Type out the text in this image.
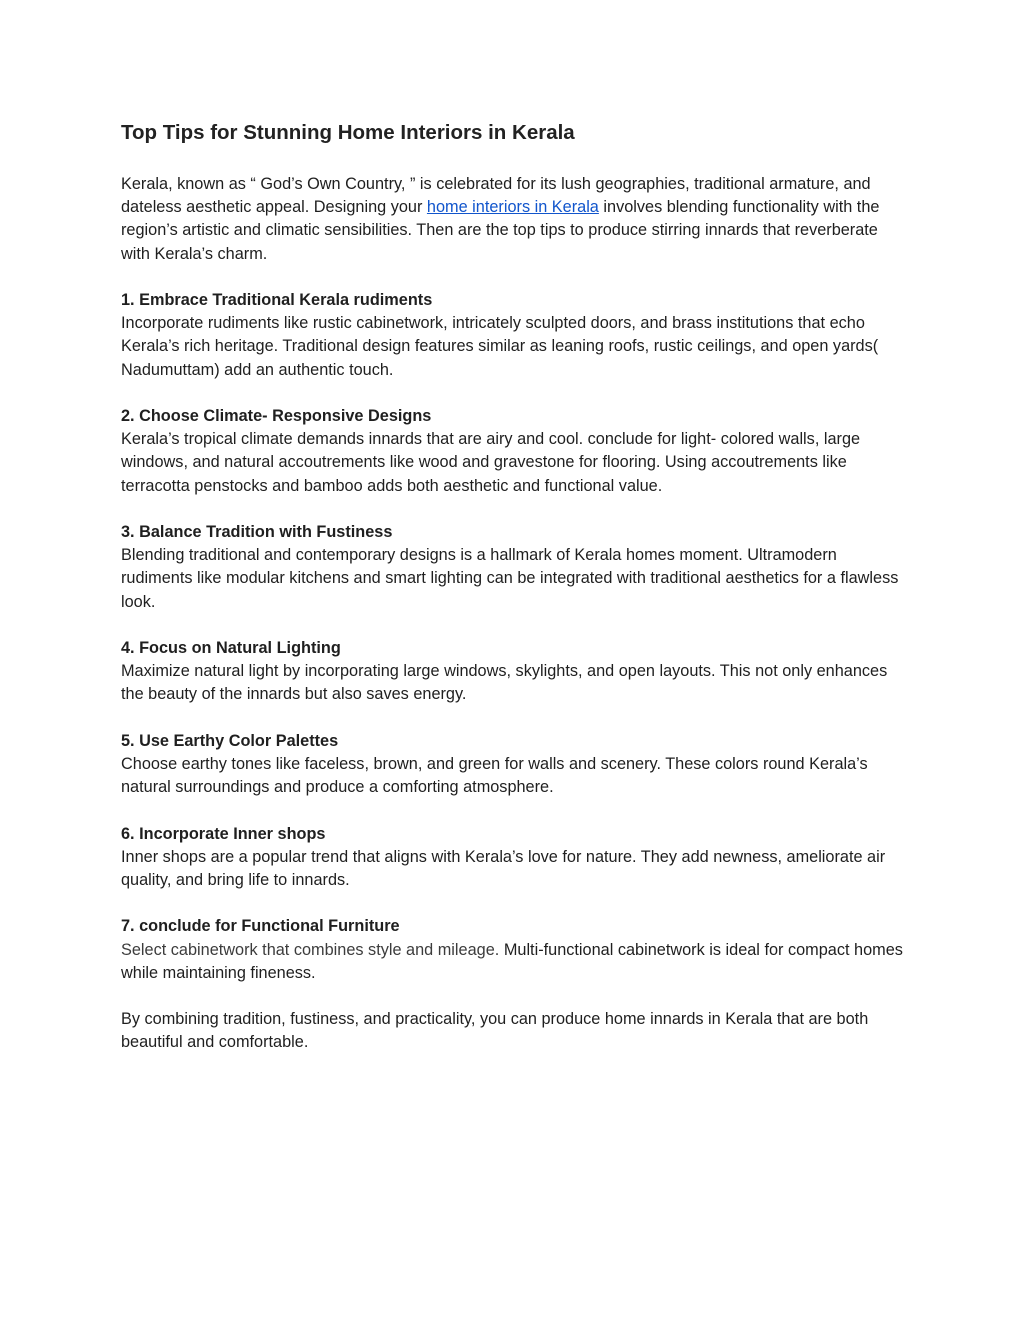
Top Tips for Stunning Home Interiors in Kerala

Kerala, known as “ God’s Own Country, ” is celebrated for its lush geographies, traditional armature, and dateless aesthetic appeal. Designing your home interiors in Kerala involves blending functionality with the region’s artistic and climatic sensibilities. Then are the top tips to produce stirring innards that reverberate with Kerala’s charm.

1. Embrace Traditional Kerala rudiments
Incorporate rudiments like rustic cabinetwork, intricately sculpted doors, and brass institutions that echo Kerala’s rich heritage. Traditional design features similar as leaning roofs, rustic ceilings, and open yards( Nadumuttam) add an authentic touch.
2. Choose Climate- Responsive Designs
Kerala’s tropical climate demands innards that are airy and cool. conclude for light- colored walls, large windows, and natural accoutrements like wood and gravestone for flooring. Using accoutrements like terracotta penstocks and bamboo adds both aesthetic and functional value.
3. Balance Tradition with Fustiness
Blending traditional and contemporary designs is a hallmark of Kerala homes moment. Ultramodern rudiments like modular kitchens and smart lighting can be integrated with traditional aesthetics for a flawless look.
4. Focus on Natural Lighting
Maximize natural light by incorporating large windows, skylights, and open layouts. This not only enhances the beauty of the innards but also saves energy.
5. Use Earthy Color Palettes
Choose earthy tones like faceless, brown, and green for walls and scenery. These colors round Kerala’s natural surroundings and produce a comforting atmosphere.
6. Incorporate Inner shops
Inner shops are a popular trend that aligns with Kerala’s love for nature. They add newness, ameliorate air quality, and bring life to innards.
7. conclude for Functional Furniture
Select cabinetwork that combines style and mileage. Multi-functional cabinetwork is ideal for compact homes while maintaining fineness.

By combining tradition, fustiness, and practicality, you can produce home innards in Kerala that are both beautiful and comfortable.
